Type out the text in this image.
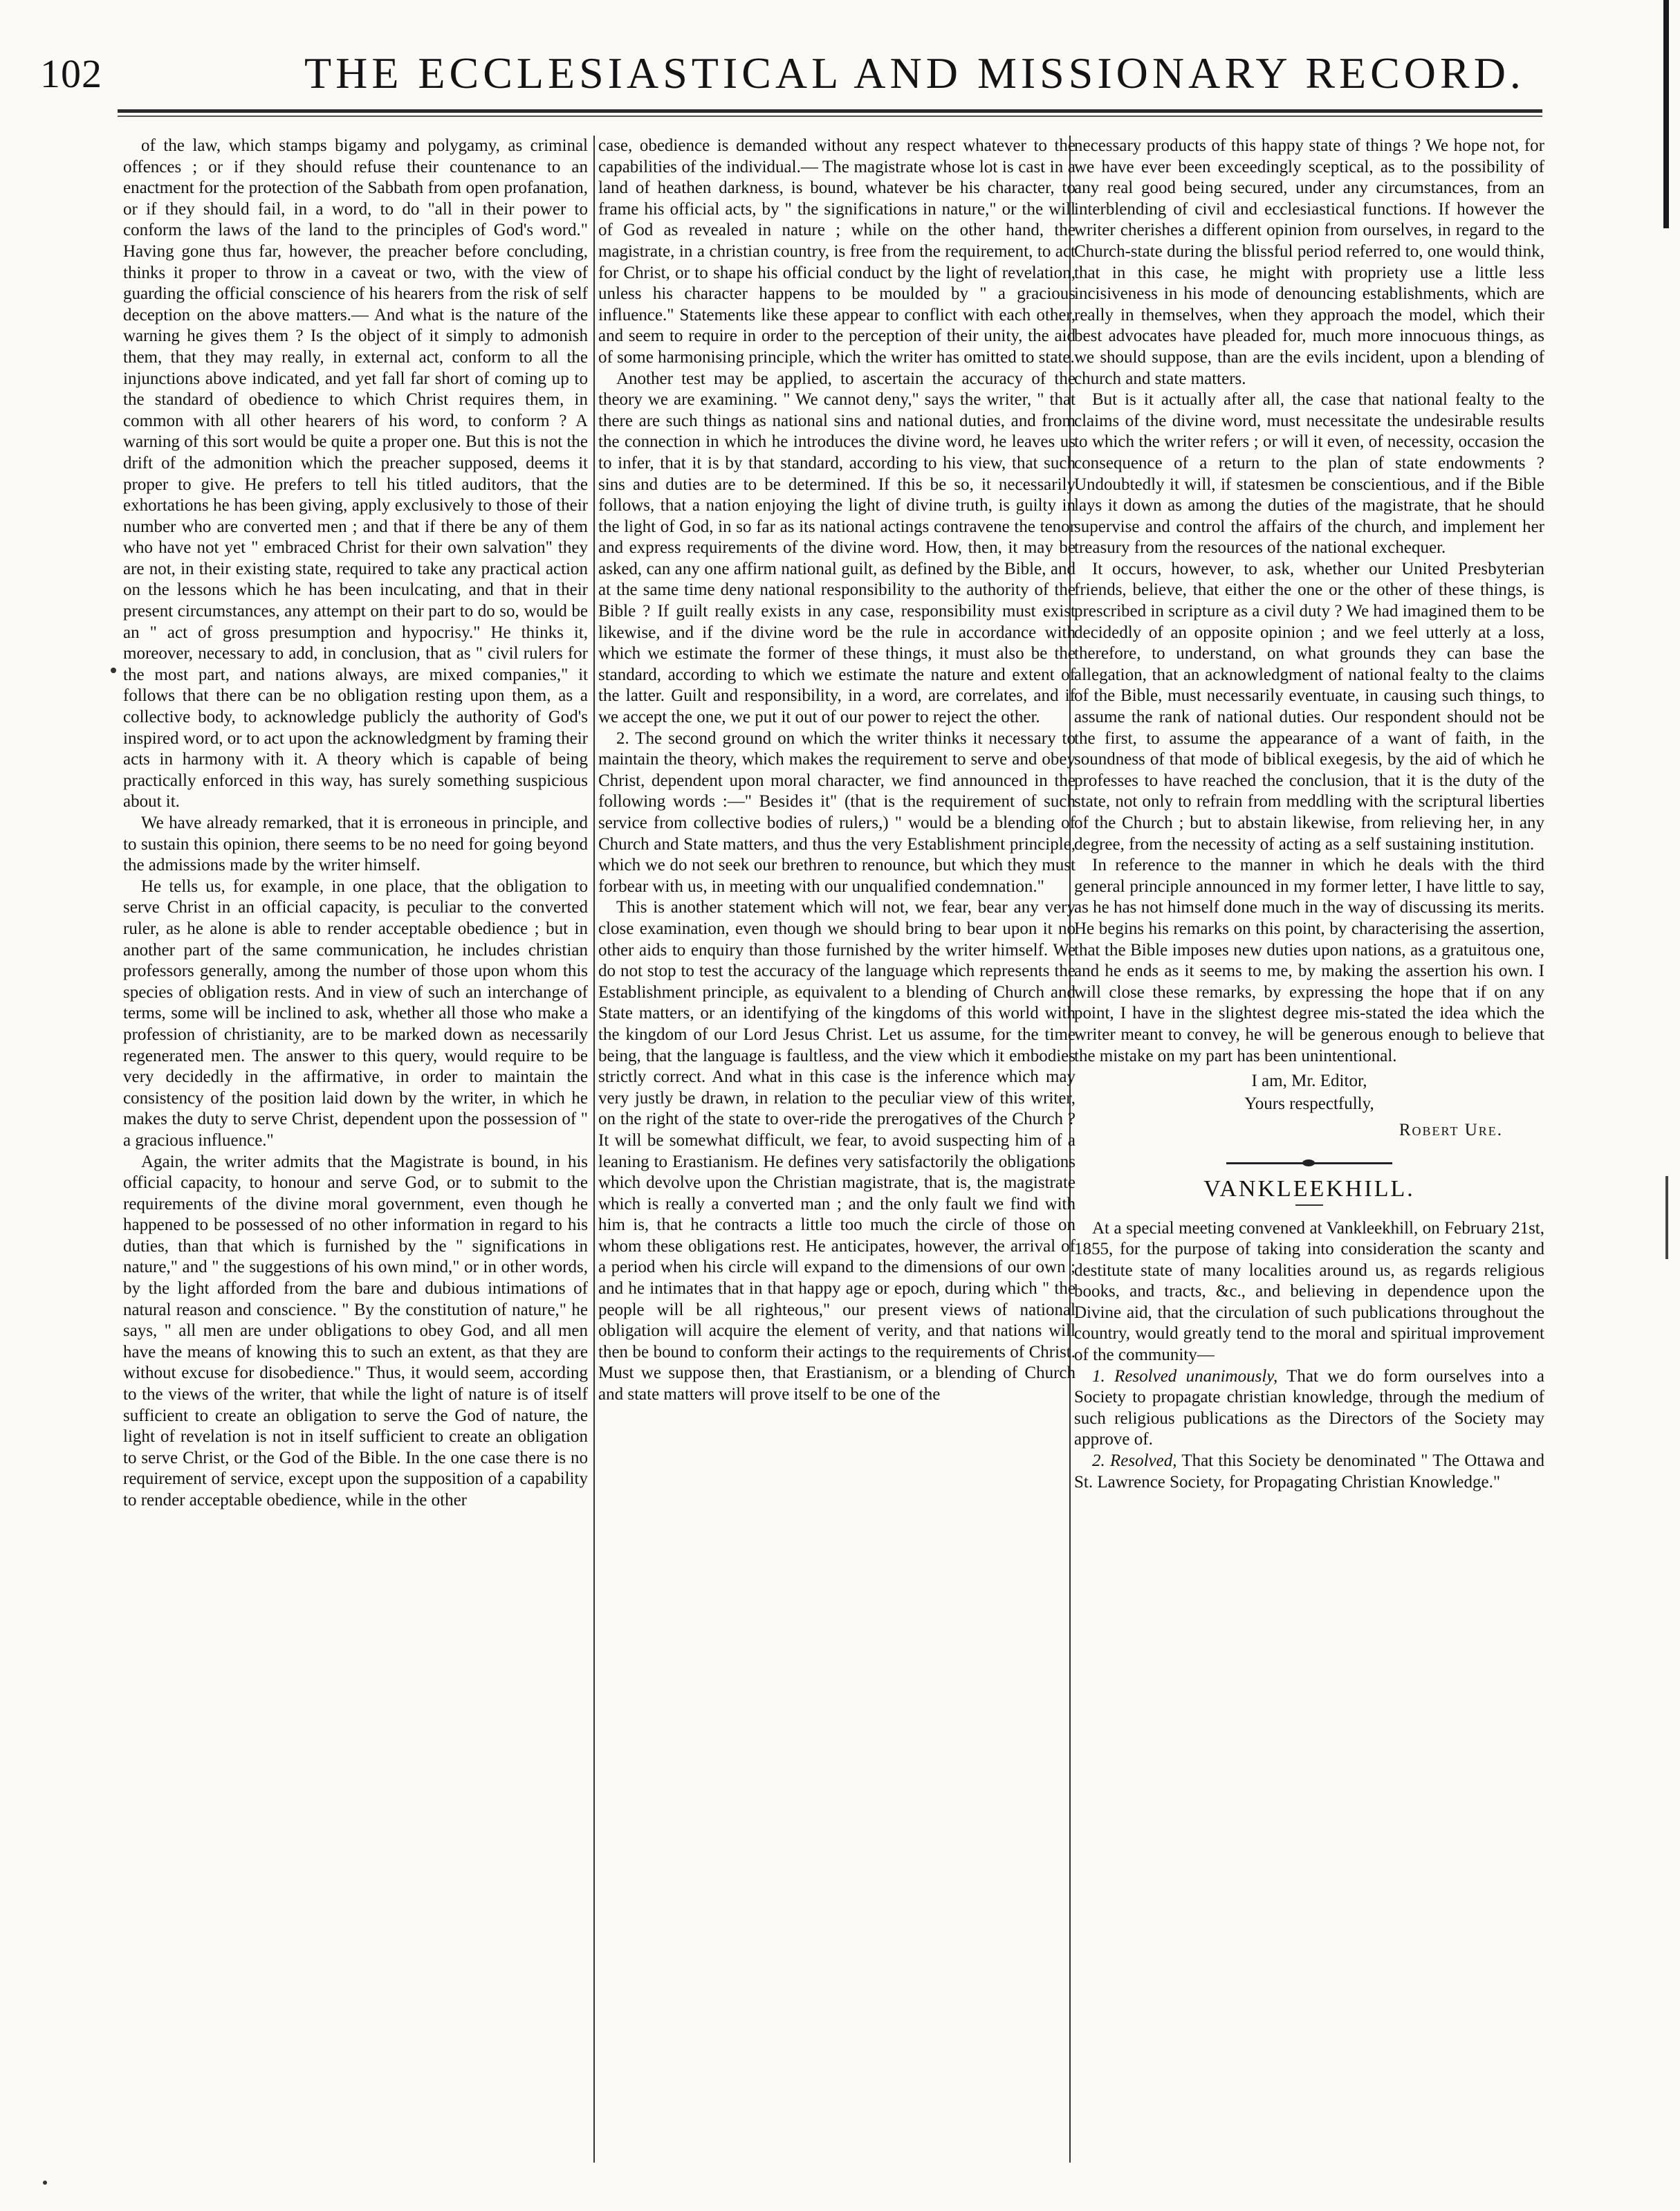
102	THE ECCLESIASTICAL AND MISSIONARY RECORD.

of the law, which stamps bigamy and polygamy, as criminal offences ; or if they should refuse their countenance to an enactment for the protection of the Sabbath from open profanation, or if they should fail, in a word, to do "all in their power to conform the laws of the land to the principles of God's word." Having gone thus far, however, the preacher before concluding, thinks it proper to throw in a caveat or two, with the view of guarding the official conscience of his hearers from the risk of self deception on the above matters.— And what is the nature of the warning he gives them ? Is the object of it simply to admonish them, that they may really, in external act, conform to all the injunctions above indicated, and yet fall far short of coming up to the standard of obedience to which Christ requires them, in common with all other hearers of his word, to conform ? A warning of this sort would be quite a proper one. But this is not the drift of the admonition which the preacher supposed, deems it proper to give. He prefers to tell his titled auditors, that the exhortations he has been giving, apply exclusively to those of their number who are converted men ; and that if there be any of them who have not yet " embraced Christ for their own salvation" they are not, in their existing state, required to take any practical action on the lessons which he has been inculcating, and that in their present circumstances, any attempt on their part to do so, would be an " act of gross presumption and hypocrisy." He thinks it, moreover, necessary to add, in conclusion, that as " civil rulers for the most part, and nations always, are mixed companies," it follows that there can be no obligation resting upon them, as a collective body, to acknowledge publicly the authority of God's inspired word, or to act upon the acknowledgment by framing their acts in harmony with it. A theory which is capable of being practically enforced in this way, has surely something suspicious about it.

We have already remarked, that it is erroneous in principle, and to sustain this opinion, there seems to be no need for going beyond the admissions made by the writer himself.

He tells us, for example, in one place, that the obligation to serve Christ in an official capacity, is peculiar to the converted ruler, as he alone is able to render acceptable obedience ; but in another part of the same communication, he includes christian professors generally, among the number of those upon whom this species of obligation rests. And in view of such an interchange of terms, some will be inclined to ask, whether all those who make a profession of christianity, are to be marked down as necessarily regenerated men. The answer to this query, would require to be very decidedly in the affirmative, in order to maintain the consistency of the position laid down by the writer, in which he makes the duty to serve Christ, dependent upon the possession of " a gracious influence."

Again, the writer admits that the Magistrate is bound, in his official capacity, to honour and serve God, or to submit to the requirements of the divine moral government, even though he happened to be possessed of no other information in regard to his duties, than that which is furnished by the " significations in nature," and " the suggestions of his own mind," or in other words, by the light afforded from the bare and dubious intimations of natural reason and conscience. " By the constitution of nature," he says, " all men are under obligations to obey God, and all men have the means of knowing this to such an extent, as that they are without excuse for disobedience." Thus, it would seem, according to the views of the writer, that while the light of nature is of itself sufficient to create an obligation to serve the God of nature, the light of revelation is not in itself sufficient to create an obligation to serve Christ, or the God of the Bible. In the one case there is no requirement of service, except upon the supposition of a capability to render acceptable obedience, while in the other

case, obedience is demanded without any respect whatever to the capabilities of the individual.— The magistrate whose lot is cast in a land of heathen darkness, is bound, whatever be his character, to frame his official acts, by " the significations in nature," or the will of God as revealed in nature ; while on the other hand, the magistrate, in a christian country, is free from the requirement, to act for Christ, or to shape his official conduct by the light of revelation, unless his character happens to be moulded by " a gracious influence." Statements like these appear to conflict with each other, and seem to require in order to the perception of their unity, the aid of some harmonising principle, which the writer has omitted to state.

Another test may be applied, to ascertain the accuracy of the theory we are examining. " We cannot deny," says the writer, " that there are such things as national sins and national duties, and from the connection in which he introduces the divine word, he leaves us to infer, that it is by that standard, according to his view, that such sins and duties are to be determined. If this be so, it necessarily follows, that a nation enjoying the light of divine truth, is guilty in the light of God, in so far as its national actings contravene the tenor and express requirements of the divine word. How, then, it may be asked, can any one affirm national guilt, as defined by the Bible, and at the same time deny national responsibility to the authority of the Bible ? If guilt really exists in any case, responsibility must exist likewise, and if the divine word be the rule in accordance with which we estimate the former of these things, it must also be the standard, according to which we estimate the nature and extent of the latter. Guilt and responsibility, in a word, are correlates, and if we accept the one, we put it out of our power to reject the other.

2. The second ground on which the writer thinks it necessary to maintain the theory, which makes the requirement to serve and obey Christ, dependent upon moral character, we find announced in the following words :—" Besides it" (that is the requirement of such service from collective bodies of rulers,) " would be a blending of Church and State matters, and thus the very Establishment principle, which we do not seek our brethren to renounce, but which they must forbear with us, in meeting with our unqualified condemnation."

This is another statement which will not, we fear, bear any very close examination, even though we should bring to bear upon it no other aids to enquiry than those furnished by the writer himself. We do not stop to test the accuracy of the language which represents the Establishment principle, as equivalent to a blending of Church and State matters, or an identifying of the kingdoms of this world with the kingdom of our Lord Jesus Christ. Let us assume, for the time being, that the language is faultless, and the view which it embodies strictly correct. And what in this case is the inference which may very justly be drawn, in relation to the peculiar view of this writer, on the right of the state to over-ride the prerogatives of the Church ? It will be somewhat difficult, we fear, to avoid suspecting him of a leaning to Erastianism. He defines very satisfactorily the obligations which devolve upon the Christian magistrate, that is, the magistrate which is really a converted man ; and the only fault we find with him is, that he contracts a little too much the circle of those on whom these obligations rest. He anticipates, however, the arrival of a period when his circle will expand to the dimensions of our own ; and he intimates that in that happy age or epoch, during which " the people will be all righteous," our present views of national obligation will acquire the element of verity, and that nations will then be bound to conform their actings to the requirements of Christ. Must we suppose then, that Erastianism, or a blending of Church and state matters will prove itself to be one of the

necessary products of this happy state of things ? We hope not, for we have ever been exceedingly sceptical, as to the possibility of any real good being secured, under any circumstances, from an interblending of civil and ecclesiastical functions. If however the writer cherishes a different opinion from ourselves, in regard to the Church-state during the blissful period referred to, one would think, that in this case, he might with propriety use a little less incisiveness in his mode of denouncing establishments, which are really in themselves, when they approach the model, which their best advocates have pleaded for, much more innocuous things, as we should suppose, than are the evils incident, upon a blending of church and state matters.

But is it actually after all, the case that national fealty to the claims of the divine word, must necessitate the undesirable results to which the writer refers ; or will it even, of necessity, occasion the consequence of a return to the plan of state endowments ? Undoubtedly it will, if statesmen be conscientious, and if the Bible lays it down as among the duties of the magistrate, that he should supervise and control the affairs of the church, and implement her treasury from the resources of the national exchequer.

It occurs, however, to ask, whether our United Presbyterian friends, believe, that either the one or the other of these things, is prescribed in scripture as a civil duty ? We had imagined them to be decidedly of an opposite opinion ; and we feel utterly at a loss, therefore, to understand, on what grounds they can base the allegation, that an acknowledgment of national fealty to the claims of the Bible, must necessarily eventuate, in causing such things, to assume the rank of national duties. Our respondent should not be the first, to assume the appearance of a want of faith, in the soundness of that mode of biblical exegesis, by the aid of which he professes to have reached the conclusion, that it is the duty of the state, not only to refrain from meddling with the scriptural liberties of the Church ; but to abstain likewise, from relieving her, in any degree, from the necessity of acting as a self sustaining institution.

In reference to the manner in which he deals with the third general principle announced in my former letter, I have little to say, as he has not himself done much in the way of discussing its merits. He begins his remarks on this point, by characterising the assertion, that the Bible imposes new duties upon nations, as a gratuitous one, and he ends as it seems to me, by making the assertion his own. I will close these remarks, by expressing the hope that if on any point, I have in the slightest degree mis-stated the idea which the writer meant to convey, he will be generous enough to believe that the mistake on my part has been unintentional.

I am, Mr. Editor,
Yours respectfully,
Robert Ure.
VANKLEEKHILL.

At a special meeting convened at Vankleekhill, on February 21st, 1855, for the purpose of taking into consideration the scanty and destitute state of many localities around us, as regards religious books, and tracts, &c., and believing in dependence upon the Divine aid, that the circulation of such publications throughout the country, would greatly tend to the moral and spiritual improvement of the community—

1. Resolved unanimously, That we do form ourselves into a Society to propagate christian knowledge, through the medium of such religious publications as the Directors of the Society may approve of.

2. Resolved, That this Society be denominated " The Ottawa and St. Lawrence Society, for Propagating Christian Knowledge."
